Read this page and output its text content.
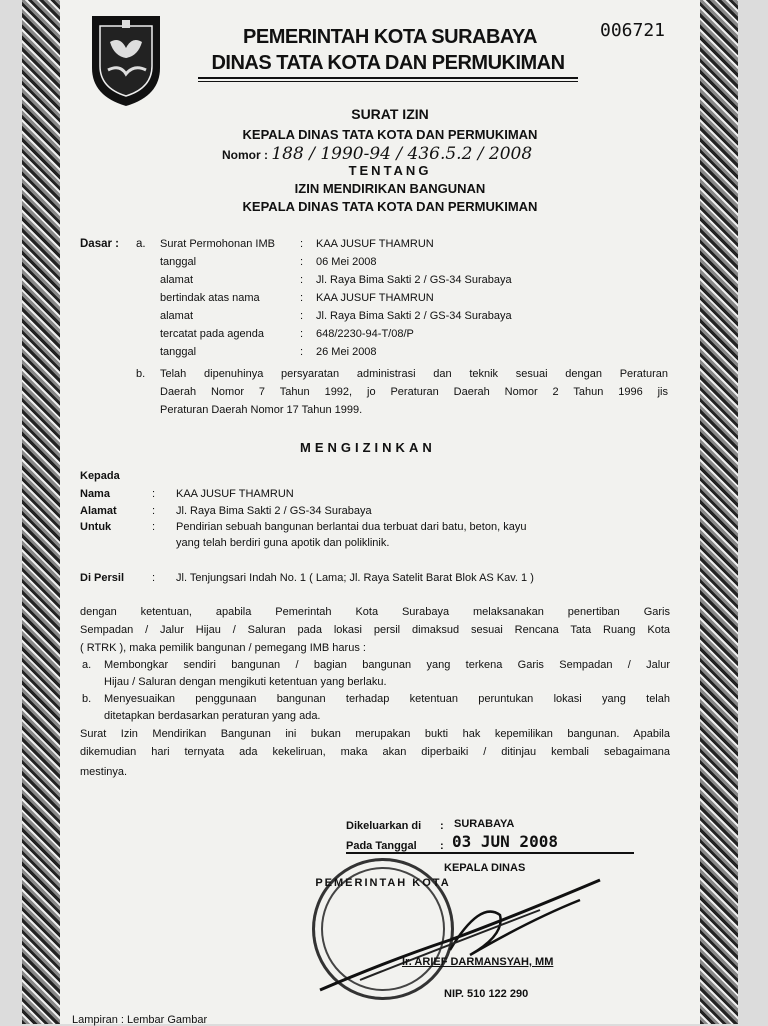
006721
PEMERINTAH KOTA SURABAYA
DINAS TATA KOTA DAN PERMUKIMAN
SURAT IZIN
KEPALA DINAS TATA KOTA DAN PERMUKIMAN
Nomor : 188 / 1990-94 / 436.5.2 / 2008
TENTANG
IZIN MENDIRIKAN BANGUNAN
KEPALA DINAS TATA KOTA DAN PERMUKIMAN
Dasar : a. Surat Permohonan IMB : KAA JUSUF THAMRUN
tanggal	: 06 Mei 2008
alamat	: Jl. Raya Bima Sakti 2 / GS-34 Surabaya
bertindak atas nama	: KAA JUSUF THAMRUN
alamat	: Jl. Raya Bima Sakti 2 / GS-34 Surabaya
tercatat pada agenda	: 648/2230-94-T/08/P
tanggal	: 26 Mei 2008
b. Telah dipenuhinya persyaratan administrasi dan teknik sesuai dengan Peraturan
Daerah Nomor 7 Tahun 1992, jo Peraturan Daerah Nomor 2 Tahun 1996 jis
Peraturan Daerah Nomor 17 Tahun 1999.
MENGIZINKAN
Kepada
Nama	: KAA JUSUF THAMRUN
Alamat	: Jl. Raya Bima Sakti 2 / GS-34 Surabaya
Untuk	: Pendirian sebuah bangunan berlantai dua terbuat dari batu, beton, kayu
yang telah berdiri guna apotik dan poliklinik.
Di Persil	: Jl. Tenjungsari Indah No. 1 ( Lama; Jl. Raya Satelit Barat Blok AS Kav. 1 )
dengan ketentuan, apabila Pemerintah Kota Surabaya melaksanakan penertiban Garis
Sempadan / Jalur Hijau / Saluran pada lokasi persil dimaksud sesuai Rencana Tata Ruang Kota
( RTRK ), maka pemilik bangunan / pemegang IMB harus :
a. Membongkar sendiri bangunan / bagian bangunan yang terkena Garis Sempadan / Jalur
Hijau / Saluran dengan mengikuti ketentuan yang berlaku.
b. Menyesuaikan penggunaan bangunan terhadap ketentuan peruntukan lokasi yang telah
ditetapkan berdasarkan peraturan yang ada.
Surat Izin Mendirikan Bangunan ini bukan merupakan bukti hak kepemilikan bangunan. Apabila
dikemudian hari ternyata ada kekeliruan, maka akan diperbaiki / ditinjau kembali sebagaimana
mestinya.
Dikeluarkan di : SURABAYA
Pada Tanggal : 03 JUN 2008
KEPALA DINAS
PEMERINTAH KOTA
Ir. ARIEF DARMANSYAH, MM
NIP. 510 122 290
Lampiran : Lembar Gambar
